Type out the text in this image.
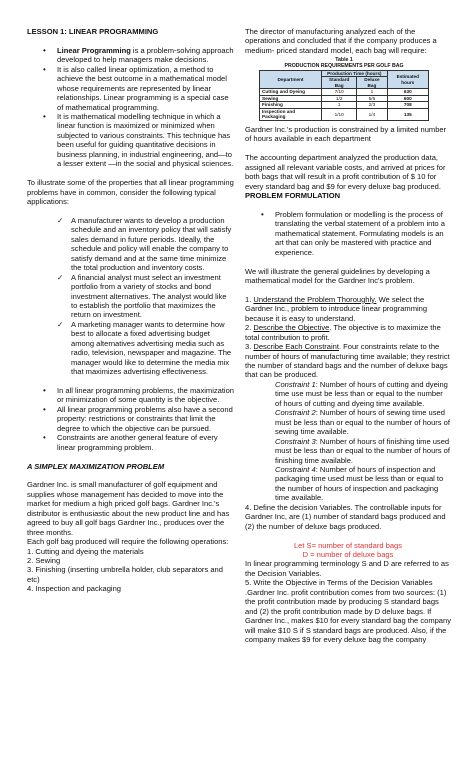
LESSON 1: LINEAR PROGRAMMING

• Linear Programming is a problem-solving approach developed to help managers make decisions.

• It is also called linear optimization, a method to achieve the best outcome in a mathematical model whose requirements are represented by linear relationships. Linear programming is a special case of mathematical programming.

• It is mathematical modelling technique in which a linear function is maximized or minimized when subjected to various constraints. This technique has been useful for guiding quantitative decisions in business planning, in industrial engineering, and—to a lesser extent —in the social and physical sciences.

To illustrate some of the properties that all linear programming problems have in common, consider the following typical applications:

✓ A manufacturer wants to develop a production schedule and an inventory policy that will satisfy sales demand in future periods. Ideally, the schedule and policy will enable the company to satisfy demand and at the same time minimize the total production and inventory costs.

✓ A financial analyst must select an investment portfolio from a variety of stocks and bond investment alternatives. The analyst would like to establish the portfolio that maximizes the return on investment.

✓ A marketing manager wants to determine how best to allocate a fixed advertising budget among alternatives advertising media such as radio, television, newspaper and magazine. The manager would like to determine the media mix that maximizes advertising effectiveness.

• In all linear programming problems, the maximization or minimization of some quantity is the objective.

• All linear programming problems also have a second property: restrictions or constraints that limit the degree to which the objective can be pursued.

• Constraints are another general feature of every linear programming problem.

A SIMPLEX MAXIMIZATION PROBLEM

Gardner Inc. is small manufacturer of golf equipment and supplies whose management has decided to move into the market for medium a high priced golf bags. Gardner Inc.'s distributor is enthusiastic about the new product line and has agreed to buy all golf bags Gardner Inc., produces over the three months.

Each golf bag produced will require the following operations:

1. Cutting and dyeing the materials

2. Sewing

3. Finishing (inserting umbrella holder, club separators and etc)

4. Inspection and packaging

The director of manufacturing analyzed each of the operations and concluded that if the company produces a medium- priced standard model, each bag will require:

Table 1
PRODUCTION REQUIREMENTS PER GOLF BAG
Department	Production Time (hours)		Estimated hours
	Standard Bag	Deluxe Bag	
Cutting and Dyeing	7/10	1	630
Sewing	1/2	5/6	600
Finishing	1	2/3	708
Inspection and Packaging	1/10	1/4	135

Gardner Inc.'s production is constrained by a limited number of hours available in each department

The accounting department analyzed the production data, assigned all relevant variable costs, and arrived at prices for both bags that will result in a profit contribution of $ 10 for every standard bag and $9 for every deluxe bag produced.

PROBLEM FORMULATION

• Problem formulation or modelling is the process of translating the verbal statement of a problem into a mathematical statement. Formulating models is an art that can only be mastered with practice and experience.

We will illustrate the general guidelines by developing a mathematical model for the Gardner Inc's problem.

1. Understand the Problem Thoroughly. We select the Gardner Inc., problem to introduce linear programming because it is easy to understand.

2. Describe the Objective. The objective is to maximize the total contribution to profit.

3. Describe Each Constraint. Four constraints relate to the number of hours of manufacturing time available; they restrict the number of standard bags and the number of deluxe bags that can be produced.

Constraint 1: Number of hours of cutting and dyeing time use must be less than or equal to the number of hours of cutting and dyeing time available.

Constraint 2: Number of hours of sewing time used must be less than or equal to the number of hours of sewing time available.

Constraint 3: Number of hours of finishing time used must be less than or equal to the number of hours of finishing time available.

Constraint 4: Number of hours of inspection and packaging time used must be less than or equal to the number of hours of inspection and packaging time available.

4. Define the decision Variables. The controllable inputs for Gardner Inc, are (1) number of standard bags produced and (2) the number of deluxe bags produced.

Let S= number of standard bags

D = number of deluxe bags

In linear programming terminology S and D are referred to as the Decision Variables.

5. Write the Objective in Terms of the Decision Variables .Gardner Inc. profit contribution comes from two sources: (1) the profit contribution made by producing S standard bags and (2) the profit contribution made by D deluxe bags. If Gardner Inc., makes $10 for every standard bag the company will make $10 S if S standard bags are produced. Also, if the company makes $9 for every deluxe bag the company
